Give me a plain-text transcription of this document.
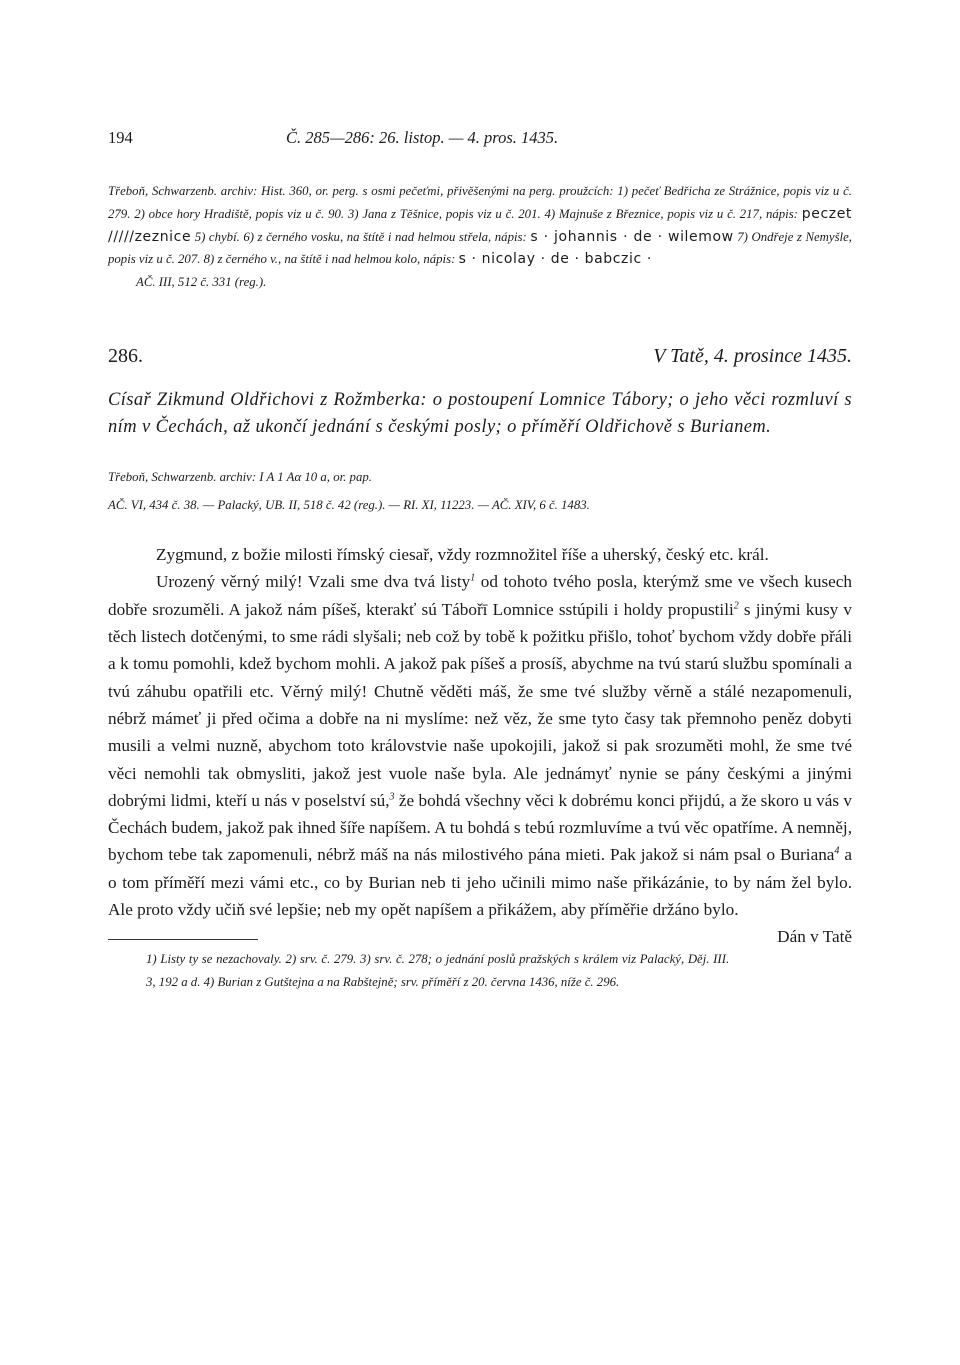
194	Č. 285—286: 26. listop. — 4. pros. 1435.
Třeboň, Schwarzenb. archiv: Hist. 360, or. perg. s osmi pečeťmi, přivěšenými na perg. proužcích: 1) pečeť Bedřicha ze Strážnice, popis viz u č. 279. 2) obce hory Hradiště, popis viz u č. 90. 3) Jana z Těšnice, popis viz u č. 201. 4) Majnuše z Březnice, popis viz u č. 217, nápis: peczet /////zeznice 5) chybí. 6) z černého vosku, na štítě i nad helmou střela, nápis: s · johannis · de · wilemow 7) Ondřeje z Nemyšle, popis viz u č. 207. 8) z černého v., na štítě i nad helmou kolo, nápis: s · nicolay · de · babczic ·
AČ. III, 512 č. 331 (reg.).
286.	V Tatě, 4. prosince 1435.
Císař Zikmund Oldřichovi z Rožmberka: o postoupení Lomnice Tábory; o jeho věci rozmluví s ním v Čechách, až ukončí jednání s českými posly; o příměří Oldřichově s Burianem.
Třeboň, Schwarzenb. archiv: I A 1 Aα 10 a, or. pap.
AČ. VI, 434 č. 38. — Palacký, UB. II, 518 č. 42 (reg.). — RI. XI, 11223. — AČ. XIV, 6 č. 1483.

Zygmund, z božie milosti římský ciesař, vždy rozmnožitel říše a uherský, český etc. král.

Urozený věrný milý! Vzali sme dva tvá listy$^1$ od tohoto tvého posla, kterýmž sme ve všech kusech dobře srozuměli. A jakož nám píšeš, kterakť sú Tábořī Lomnice sstúpili i holdy propustili$^2$ s jinými kusy v těch listech dotčenými, to sme rádi slyšali; neb což by tobě k požitku přišlo, tohoť bychom vždy dobře přáli a k tomu pomohli, kdež bychom mohli. A jakož pak píšeš a prosíš, abychme na tvú starú službu spomínali a tvú záhubu opatřili etc. Věrný milý! Chutně věděti máš, že sme tvé služby věrně a stálé nezapomenuli, nébrž mámeť ji před očima a dobře na ni myslíme: než věz, že sme tyto časy tak přemnoho peněz dobyti musili a velmi nuzně, abychom toto královstvie naše upokojili, jakož si pak srozuměti mohl, že sme tvé věci nemohli tak obmysliti, jakož jest vuole naše byla. Ale jednámyť nynie se pány českými a jinými dobrými lidmi, kteří u nás v poselství sú,$^3$ že bohdá všechny věci k dobrému konci přijdú, a že skoro u vás v Čechách budem, jakož pak ihned šíře napíšem. A tu bohdá s tebú rozmluvíme a tvú věc opatříme. A nemněj, bychom tebe tak zapomenuli, nébrž máš na nás milostivého pána mieti. Pak jakož si nám psal o Buriana$^4$ a o tom příměří mezi vámi etc., co by Burian neb ti jeho učinili mimo naše přikázánie, to by nám žel bylo. Ale proto vždy učiň své lepšie; neb my opět napíšem a přikážem, aby příměřie držáno bylo.
Dán v Tatě

1) Listy ty se nezachovaly. 2) srv. č. 279. 3) srv. č. 278; o jednání poslů pražských s králem viz Palacký, Děj. III. 3, 192 a d. 4) Burian z Gutštejna a na Rabštejně; srv. příměří z 20. června 1436, níže č. 296.
